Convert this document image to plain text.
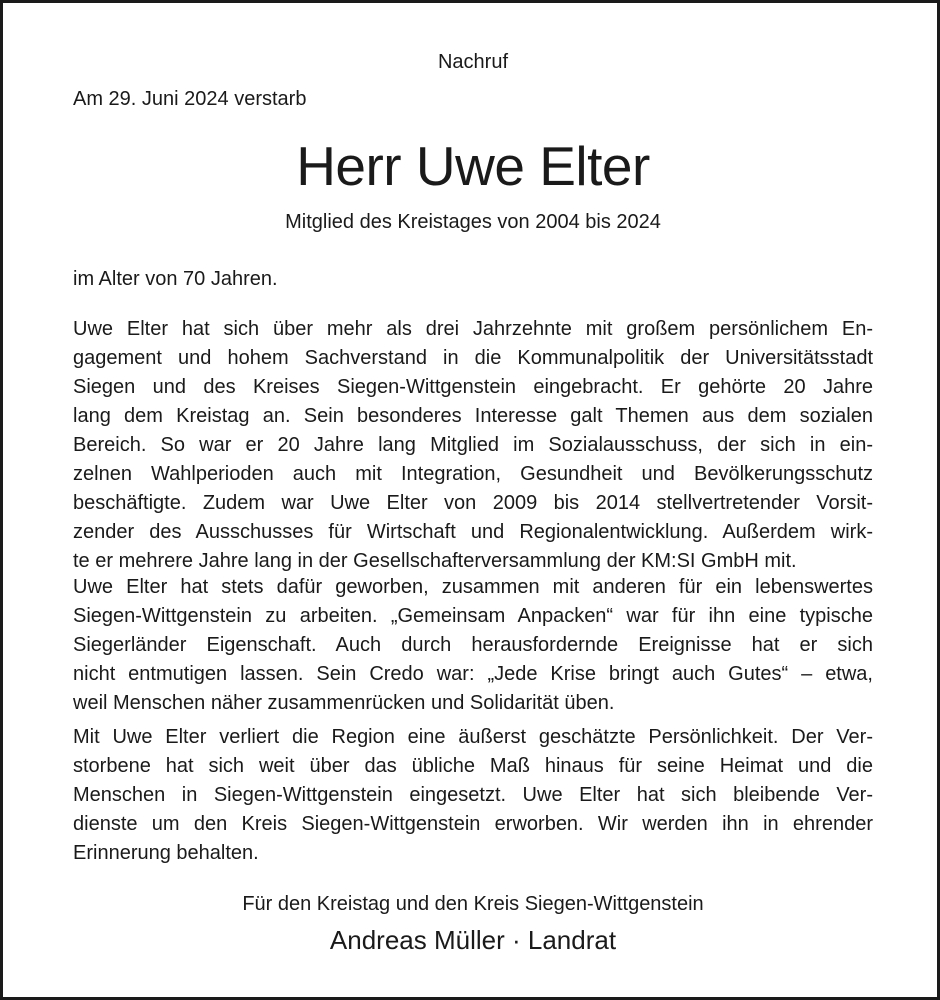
Nachruf
Am 29. Juni 2024 verstarb
Herr Uwe Elter
Mitglied des Kreistages von 2004 bis 2024
im Alter von 70 Jahren.
Uwe Elter hat sich über mehr als drei Jahrzehnte mit großem persönlichem En-
gagement und hohem Sachverstand in die Kommunalpolitik der Universitätsstadt
Siegen und des Kreises Siegen-Wittgenstein eingebracht. Er gehörte 20 Jahre
lang dem Kreistag an. Sein besonderes Interesse galt Themen aus dem sozialen
Bereich. So war er 20 Jahre lang Mitglied im Sozialausschuss, der sich in ein-
zelnen Wahlperioden auch mit Integration, Gesundheit und Bevölkerungsschutz
beschäftigte. Zudem war Uwe Elter von 2009 bis 2014 stellvertretender Vorsit-
zender des Ausschusses für Wirtschaft und Regionalentwicklung. Außerdem wirk-
te er mehrere Jahre lang in der Gesellschafterversammlung der KM:SI GmbH mit.
Uwe Elter hat stets dafür geworben, zusammen mit anderen für ein lebenswertes
Siegen-Wittgenstein zu arbeiten. „Gemeinsam Anpacken“ war für ihn eine typische
Siegerländer Eigenschaft. Auch durch herausfordernde Ereignisse hat er sich
nicht entmutigen lassen. Sein Credo war: „Jede Krise bringt auch Gutes“ – etwa,
weil Menschen näher zusammenrücken und Solidarität üben.
Mit Uwe Elter verliert die Region eine äußerst geschätzte Persönlichkeit. Der Ver-
storbene hat sich weit über das übliche Maß hinaus für seine Heimat und die
Menschen in Siegen-Wittgenstein eingesetzt. Uwe Elter hat sich bleibende Ver-
dienste um den Kreis Siegen-Wittgenstein erworben. Wir werden ihn in ehrender
Erinnerung behalten.
Für den Kreistag und den Kreis Siegen-Wittgenstein
Andreas Müller · Landrat
